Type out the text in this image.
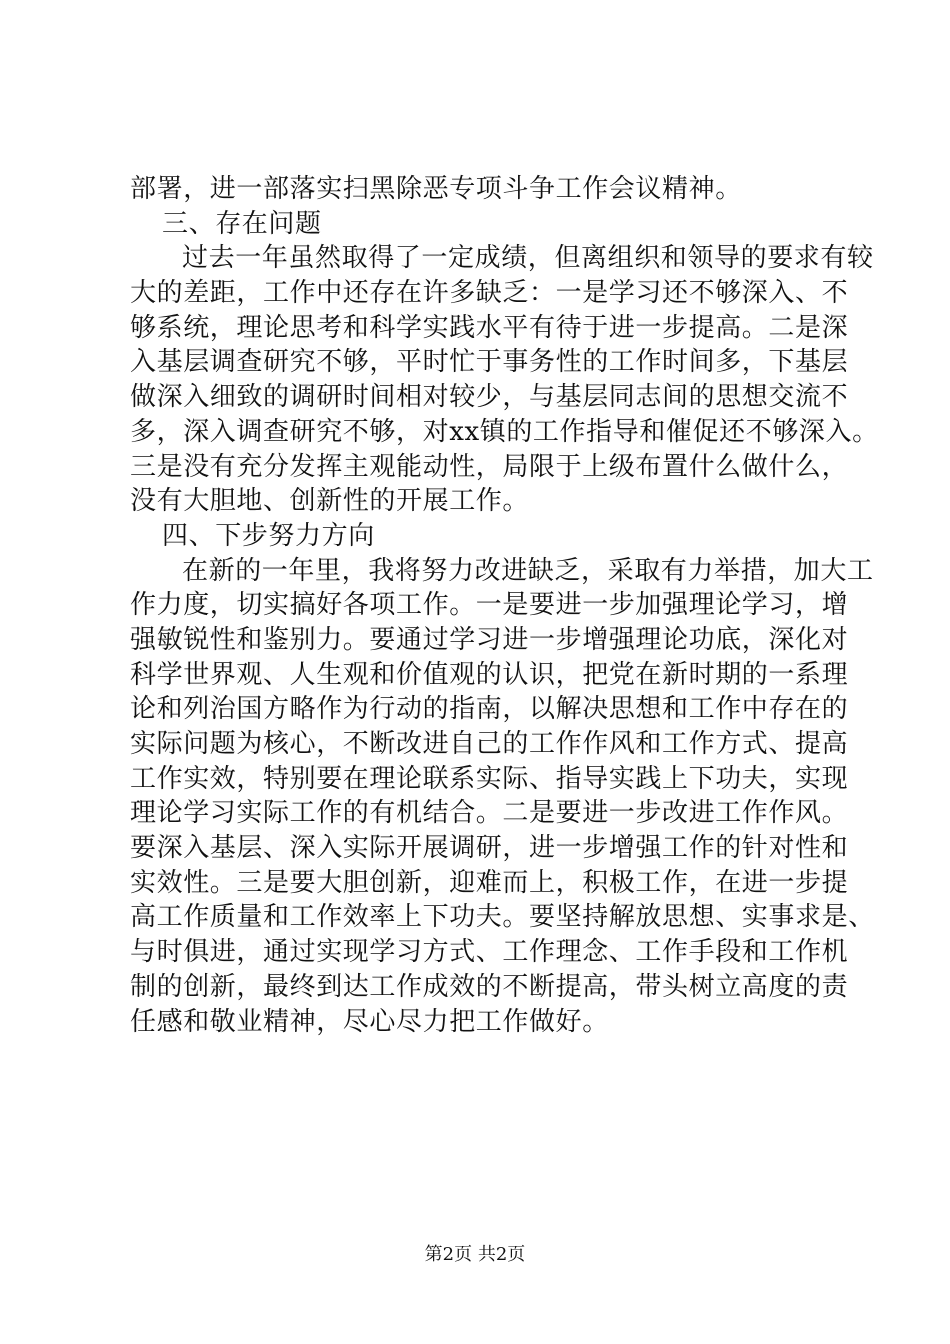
部署，进一部落实扫黑除恶专项斗争工作会议精神。
三、存在问题
过去一年虽然取得了一定成绩，但离组织和领导的要求有较
大的差距，工作中还存在许多缺乏：一是学习还不够深入、不
够系统，理论思考和科学实践水平有待于进一步提高。二是深
入基层调查研究不够，平时忙于事务性的工作时间多，下基层
做深入细致的调研时间相对较少，与基层同志间的思想交流不
多，深入调查研究不够，对xx镇的工作指导和催促还不够深入。
三是没有充分发挥主观能动性，局限于上级布置什么做什么，
没有大胆地、创新性的开展工作。
四、下步努力方向
在新的一年里，我将努力改进缺乏，采取有力举措，加大工
作力度，切实搞好各项工作。一是要进一步加强理论学习，增
强敏锐性和鉴别力。要通过学习进一步增强理论功底，深化对
科学世界观、人生观和价值观的认识，把党在新时期的一系理
论和列治国方略作为行动的指南，以解决思想和工作中存在的
实际问题为核心，不断改进自己的工作作风和工作方式、提高
工作实效，特别要在理论联系实际、指导实践上下功夫，实现
理论学习实际工作的有机结合。二是要进一步改进工作作风。
要深入基层、深入实际开展调研，进一步增强工作的针对性和
实效性。三是要大胆创新，迎难而上，积极工作，在进一步提
高工作质量和工作效率上下功夫。要坚持解放思想、实事求是、
与时俱进，通过实现学习方式、工作理念、工作手段和工作机
制的创新，最终到达工作成效的不断提高，带头树立高度的责
任感和敬业精神，尽心尽力把工作做好。
第2页 共2页
